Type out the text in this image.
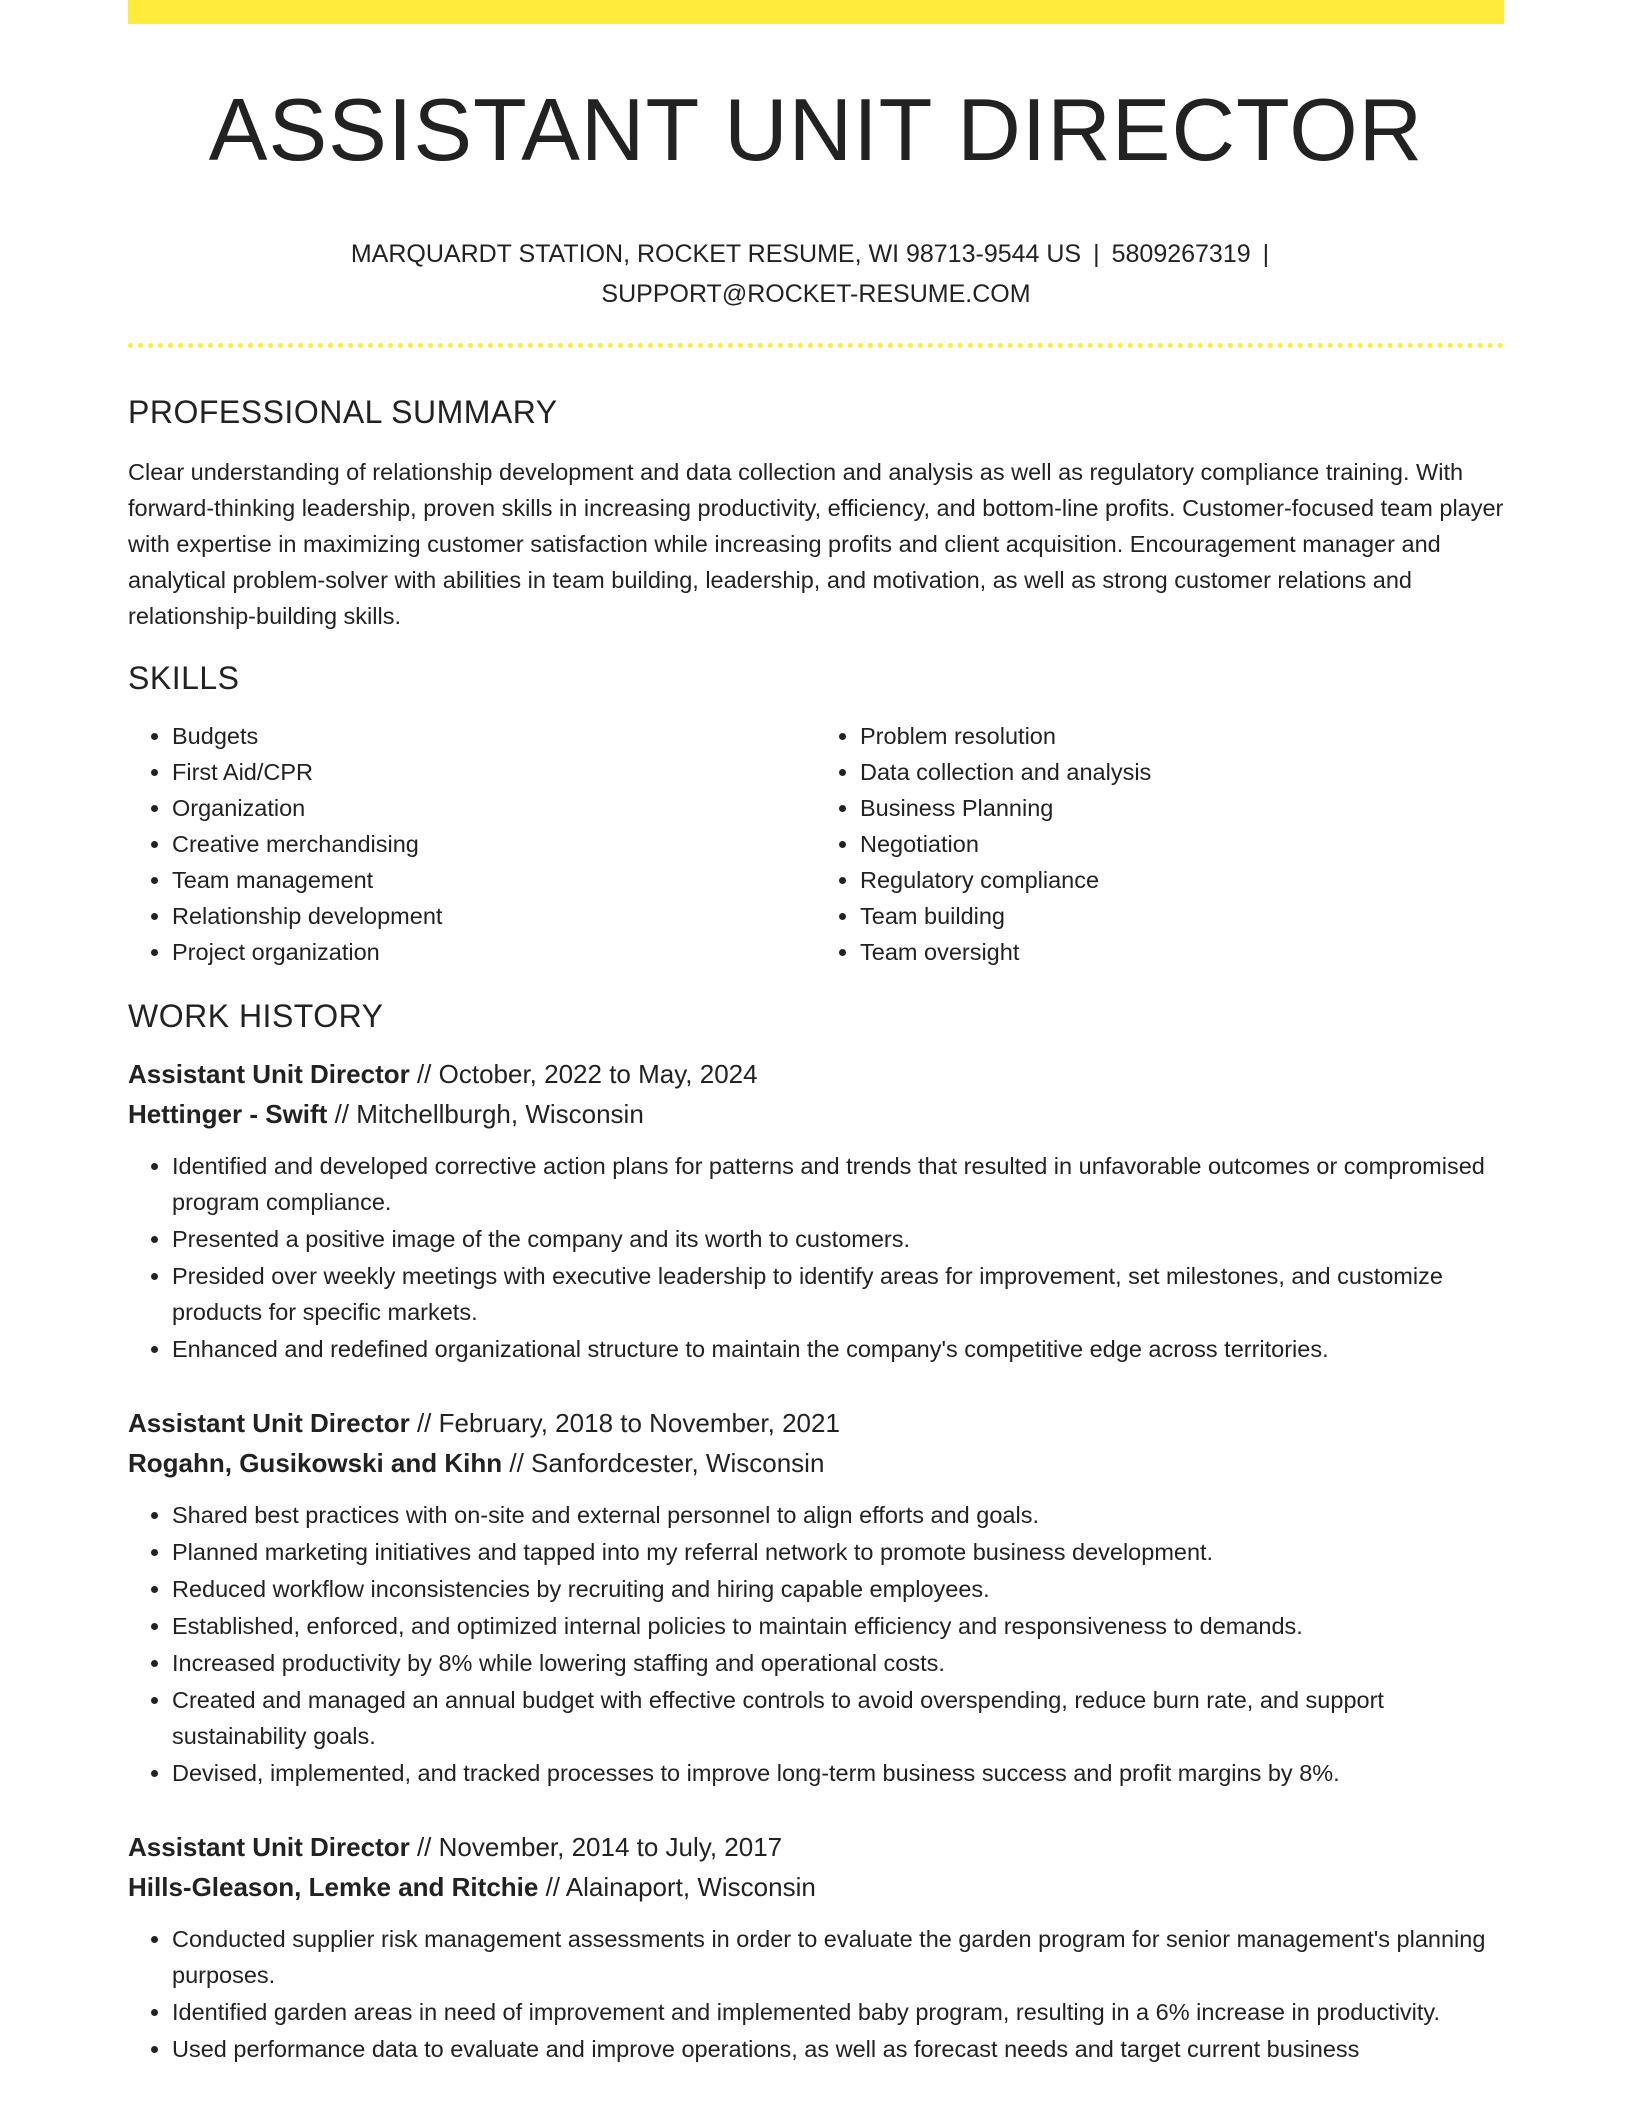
ASSISTANT UNIT DIRECTOR
MARQUARDT STATION, ROCKET RESUME, WI 98713-9544 US | 5809267319 |
SUPPORT@ROCKET-RESUME.COM
PROFESSIONAL SUMMARY

Clear understanding of relationship development and data collection and analysis as well as regulatory compliance training. With forward-thinking leadership, proven skills in increasing productivity, efficiency, and bottom-line profits. Customer-focused team player with expertise in maximizing customer satisfaction while increasing profits and client acquisition. Encouragement manager and analytical problem-solver with abilities in team building, leadership, and motivation, as well as strong customer relations and relationship-building skills.

SKILLS
• Budgets
• First Aid/CPR
• Organization
• Creative merchandising
• Team management
• Relationship development
• Project organization
• Problem resolution
• Data collection and analysis
• Business Planning
• Negotiation
• Regulatory compliance
• Team building
• Team oversight
WORK HISTORY

Assistant Unit Director // October, 2022 to May, 2024

Hettinger - Swift // Mitchellburgh, Wisconsin

• Identified and developed corrective action plans for patterns and trends that resulted in unfavorable outcomes or compromised program compliance.
• Presented a positive image of the company and its worth to customers.
• Presided over weekly meetings with executive leadership to identify areas for improvement, set milestones, and customize products for specific markets.
• Enhanced and redefined organizational structure to maintain the company's competitive edge across territories.

Assistant Unit Director // February, 2018 to November, 2021

Rogahn, Gusikowski and Kihn // Sanfordcester, Wisconsin

• Shared best practices with on-site and external personnel to align efforts and goals.
• Planned marketing initiatives and tapped into my referral network to promote business development.
• Reduced workflow inconsistencies by recruiting and hiring capable employees.
• Established, enforced, and optimized internal policies to maintain efficiency and responsiveness to demands.
• Increased productivity by 8% while lowering staffing and operational costs.
• Created and managed an annual budget with effective controls to avoid overspending, reduce burn rate, and support sustainability goals.
• Devised, implemented, and tracked processes to improve long-term business success and profit margins by 8%.

Assistant Unit Director // November, 2014 to July, 2017

Hills-Gleason, Lemke and Ritchie // Alainaport, Wisconsin

• Conducted supplier risk management assessments in order to evaluate the garden program for senior management's planning purposes.
• Identified garden areas in need of improvement and implemented baby program, resulting in a 6% increase in productivity.
• Used performance data to evaluate and improve operations, as well as forecast needs and target current business
